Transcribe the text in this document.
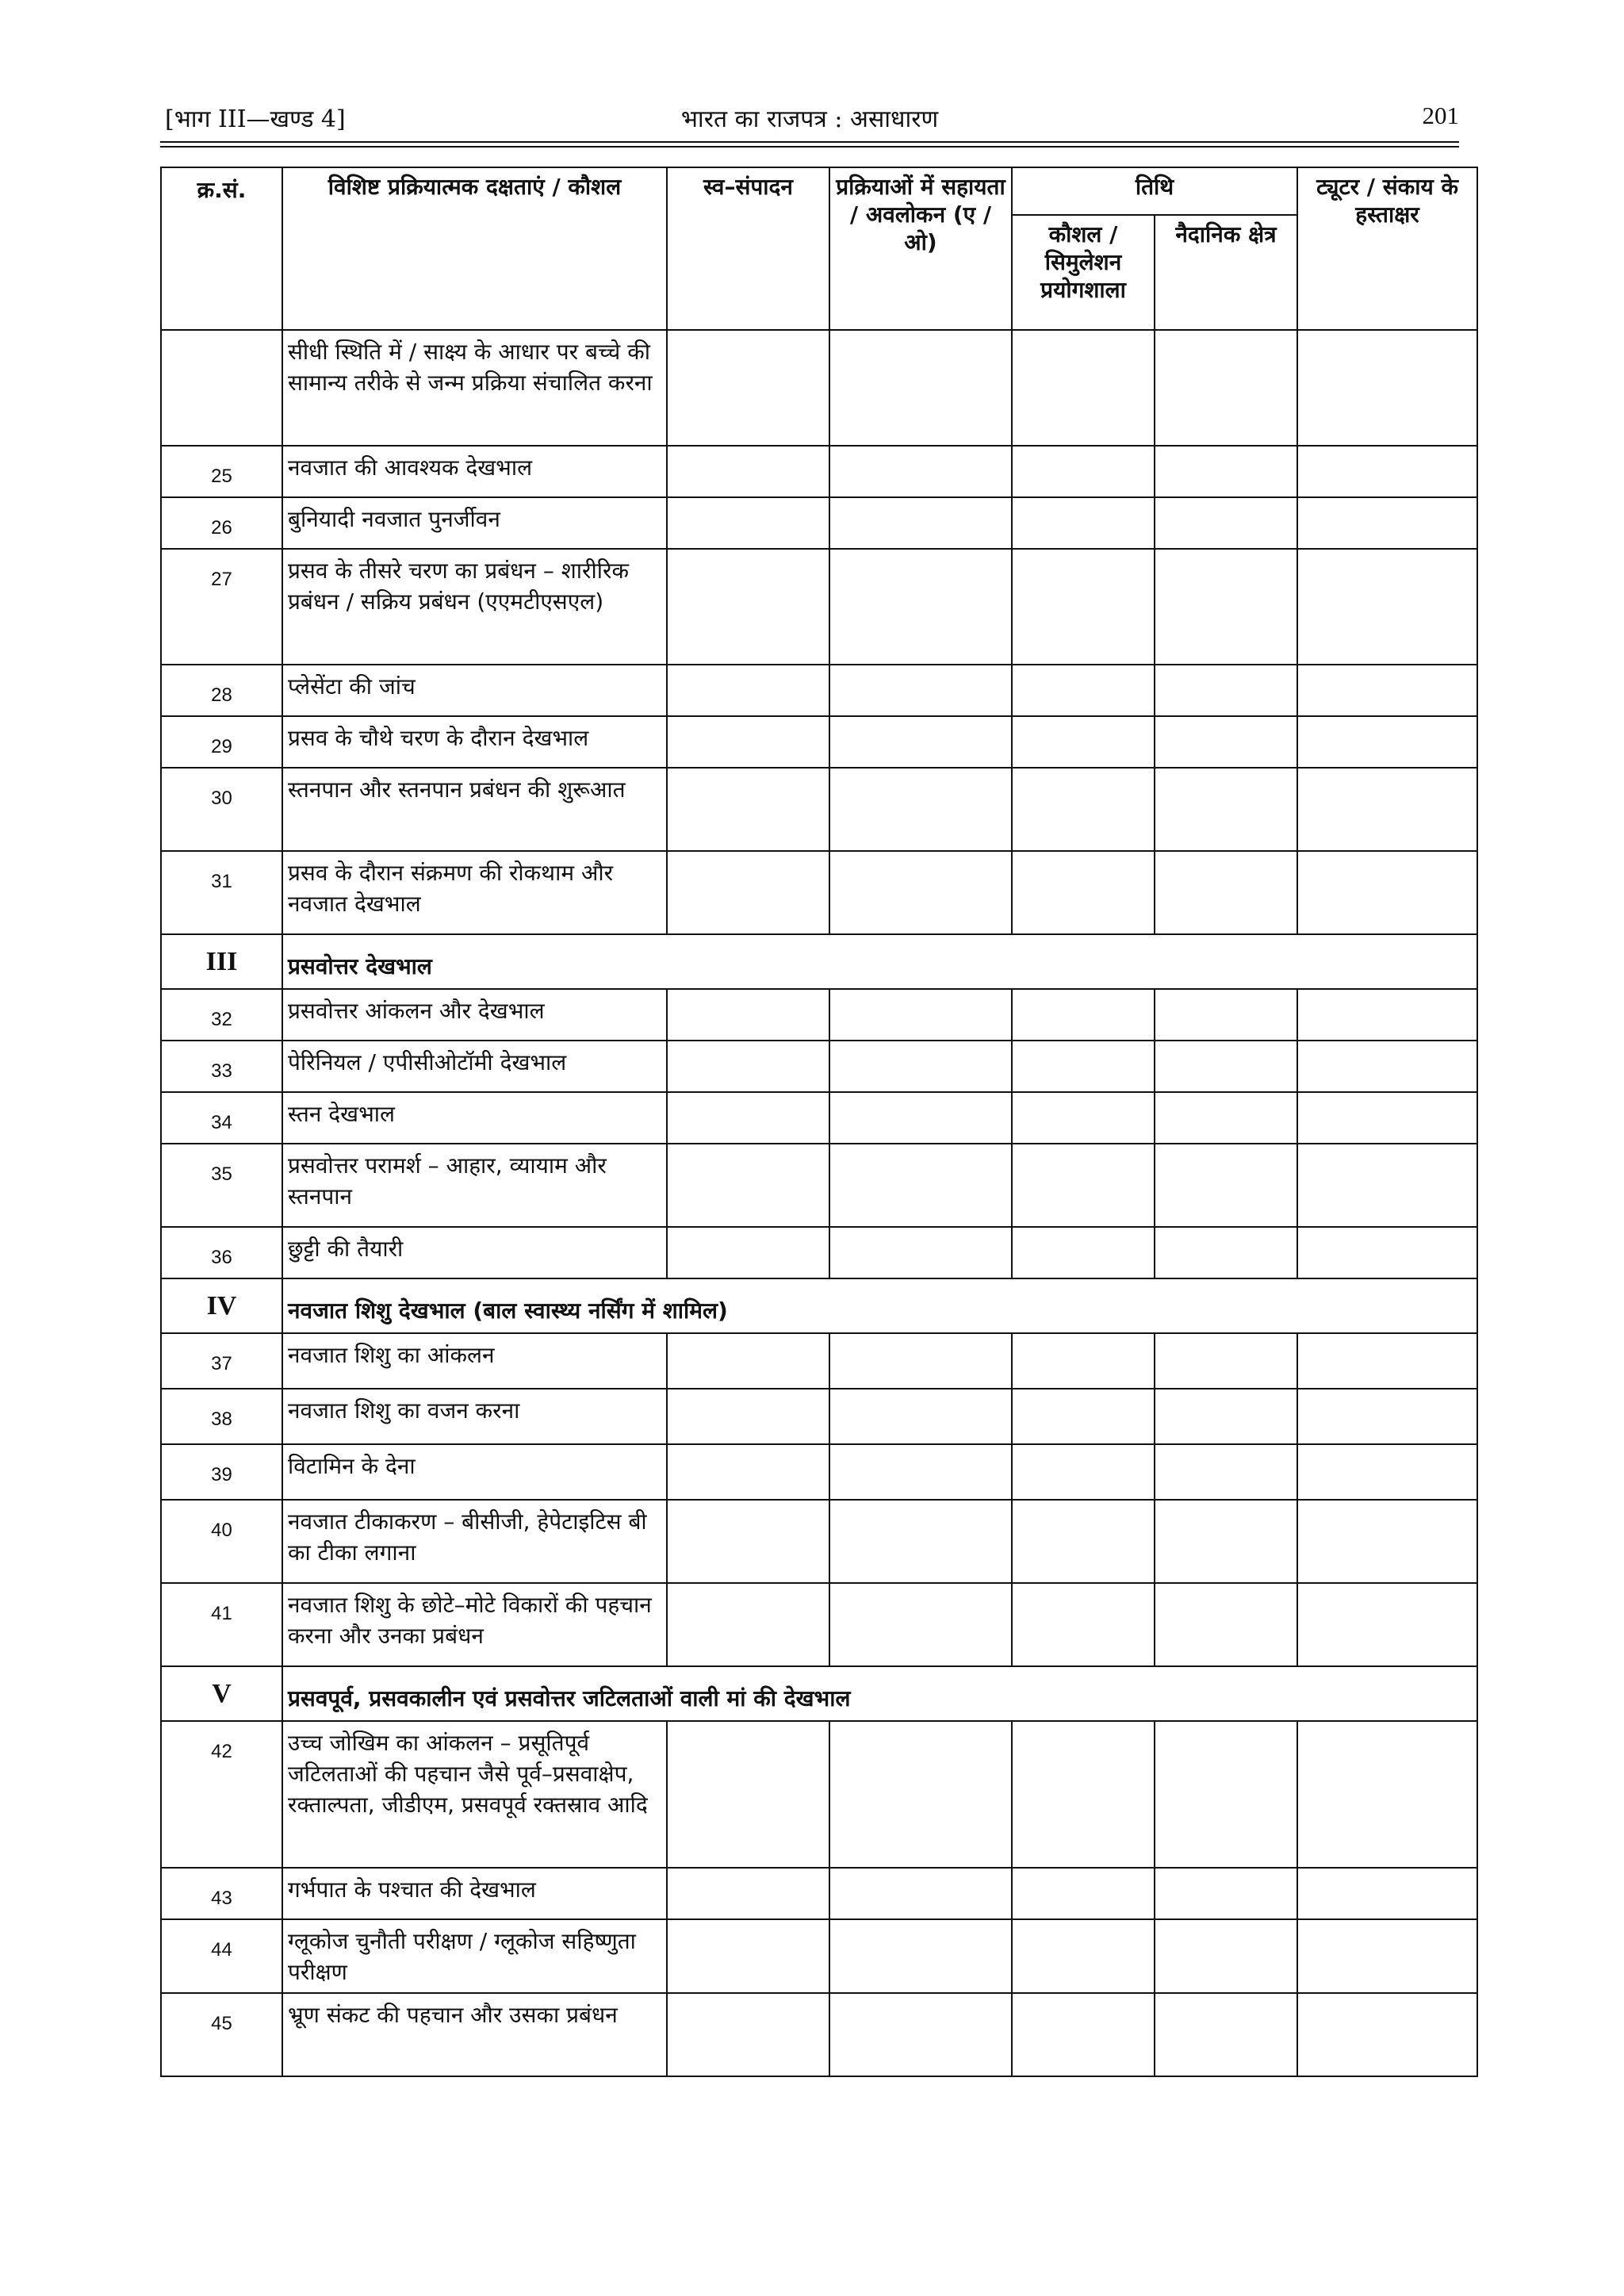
[भाग III—खण्ड 4]	भारत का राजपत्र : असाधारण	201
क्र.सं.	विशिष्ट प्रक्रियात्मक दक्षताएं / कौशल	स्व–संपादन	प्रक्रियाओं में सहायता / अवलोकन (ए / ओ)	तिथि		ट्यूटर / संकाय के हस्ताक्षर
				कौशल / सिमुलेशन प्रयोगशाला	नैदानिक क्षेत्र	
	सीधी स्थिति में / साक्ष्य के आधार पर बच्चे की सामान्य तरीके से जन्म प्रक्रिया संचालित करना					
25	नवजात की आवश्यक देखभाल					
26	बुनियादी नवजात पुनर्जीवन					
27	प्रसव के तीसरे चरण का प्रबंधन – शारीरिक प्रबंधन / सक्रिय प्रबंधन (एएमटीएसएल)					
28	प्लेसेंटा की जांच					
29	प्रसव के चौथे चरण के दौरान देखभाल					
30	स्तनपान और स्तनपान प्रबंधन की शुरूआत					
31	प्रसव के दौरान संक्रमण की रोकथाम और नवजात देखभाल					
III	प्रसवोत्तर देखभाल					
32	प्रसवोत्तर आंकलन और देखभाल					
33	पेरिनियल / एपीसीओटॉमी देखभाल					
34	स्तन देखभाल					
35	प्रसवोत्तर परामर्श – आहार, व्यायाम और स्तनपान					
36	छुट्टी की तैयारी					
IV	नवजात शिशु देखभाल (बाल स्वास्थ्य नर्सिंग में शामिल)					
37	नवजात शिशु का आंकलन					
38	नवजात शिशु का वजन करना					
39	विटामिन के देना					
40	नवजात टीकाकरण – बीसीजी, हेपेटाइटिस बी का टीका लगाना					
41	नवजात शिशु के छोटे–मोटे विकारों की पहचान करना और उनका प्रबंधन					
V	प्रसवपूर्व, प्रसवकालीन एवं प्रसवोत्तर जटिलताओं वाली मां की देखभाल					
42	उच्च जोखिम का आंकलन – प्रसूतिपूर्व जटिलताओं की पहचान जैसे पूर्व–प्रसवाक्षेप, रक्ताल्पता, जीडीएम, प्रसवपूर्व रक्तस्राव आदि					
43	गर्भपात के पश्चात की देखभाल					
44	ग्लूकोज चुनौती परीक्षण / ग्लूकोज सहिष्णुता परीक्षण					
45	भ्रूण संकट की पहचान और उसका प्रबंधन					
